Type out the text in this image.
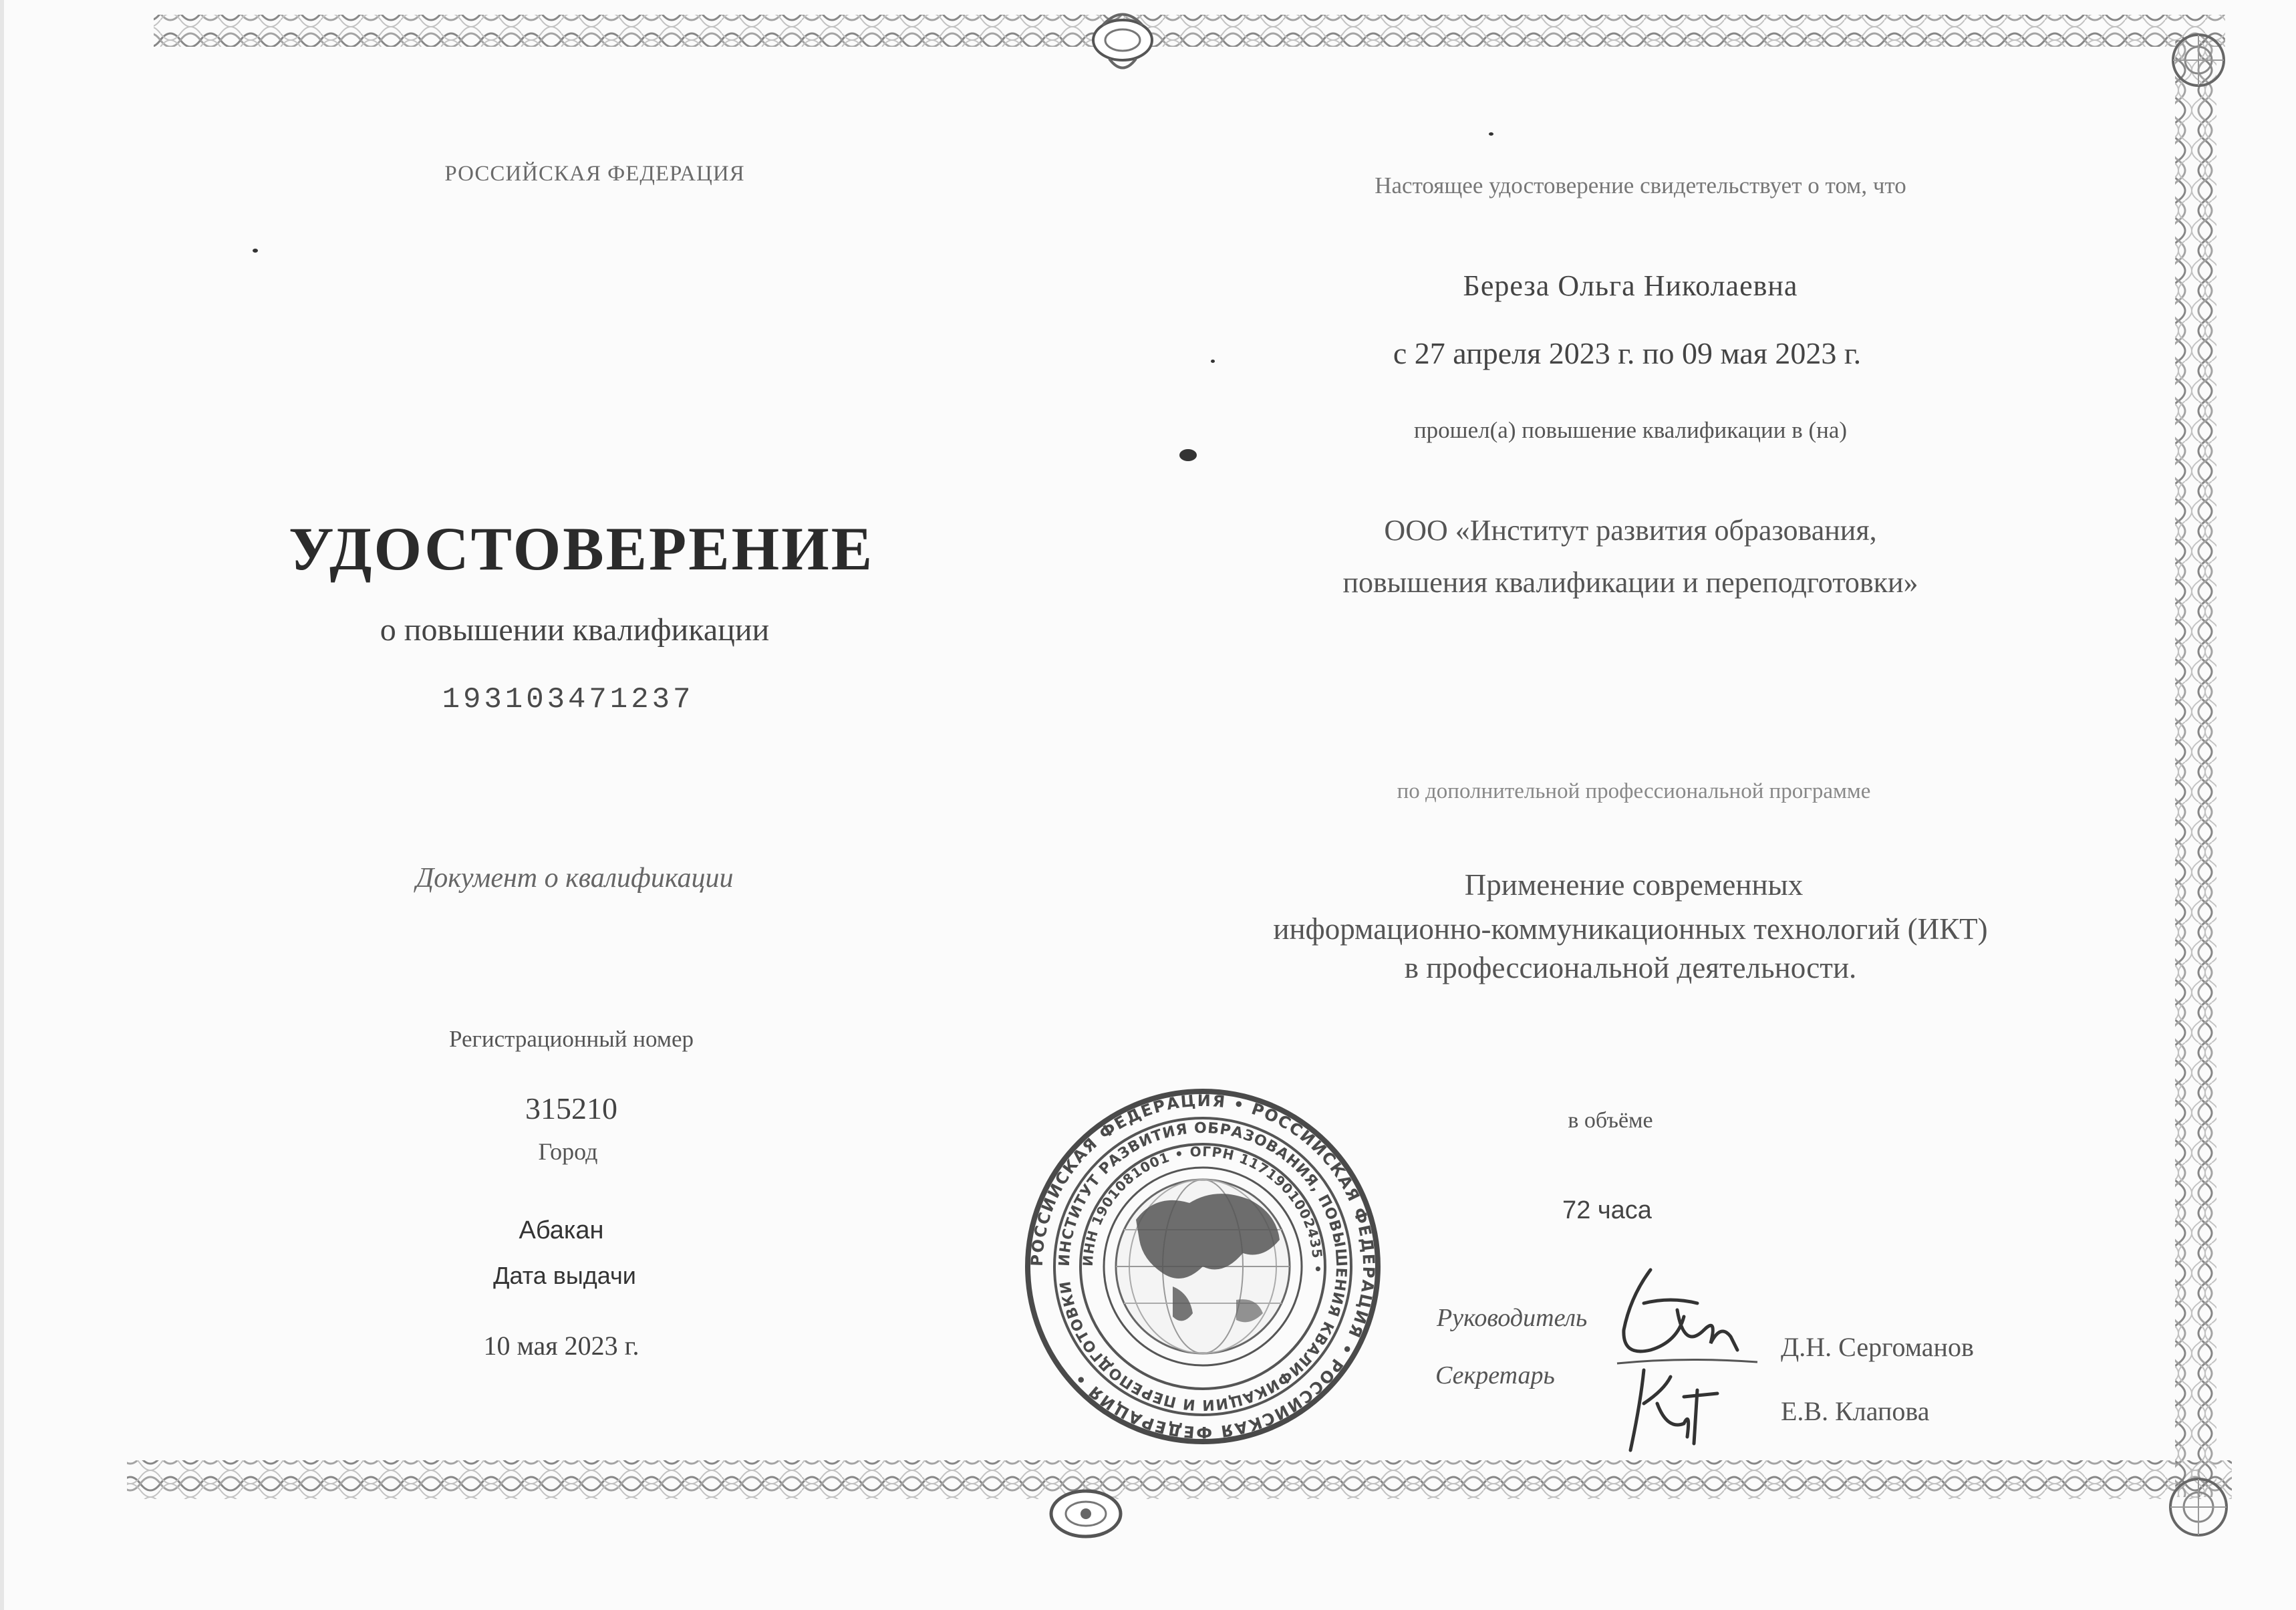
РОССИЙСКАЯ ФЕДЕРАЦИЯ
УДОСТОВЕРЕНИЕ
о повышении квалификации
193103471237
Документ о квалификации
Регистрационный номер
315210
Город
Абакан
Дата выдачи
10 мая 2023 г.
Настоящее удостоверение свидетельствует о том, что
Береза Ольга Николаевна
с 27 апреля 2023 г. по 09 мая 2023 г.
прошел(а) повышение квалификации в (на)
ООО «Институт развития образования,
повышения квалификации и переподготовки»
по дополнительной профессиональной программе
Применение современных
информационно-коммуникационных технологий (ИКТ)
в профессиональной деятельности.
в объёме
72 часа
Руководитель
Секретарь
Д.Н. Сергоманов
Е.В. Клапова
РОССИЙСКАЯ ФЕДЕРАЦИЯ • РОССИЙСКАЯ ФЕДЕРАЦИЯ • РОССИЙСКАЯ ФЕДЕРАЦИЯ •
ИНСТИТУТ РАЗВИТИЯ ОБРАЗОВАНИЯ, ПОВЫШЕНИЯ КВАЛИФИКАЦИИ И ПЕРЕПОДГОТОВКИ
ИНН 1901081001 • ОГРН 1171901002435 •
